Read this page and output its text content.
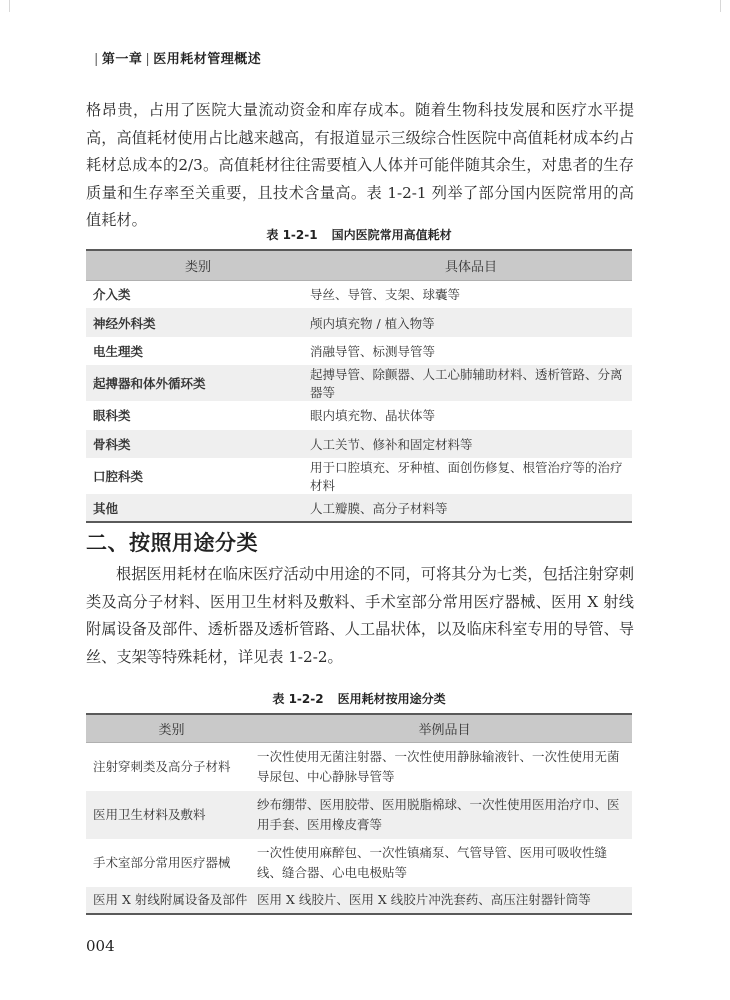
| 第一章 | 医用耗材管理概述

格昂贵，占用了医院大量流动资金和库存成本。随着生物科技发展和医疗水平提高，高值耗材使用占比越来越高，有报道显示三级综合性医院中高值耗材成本约占耗材总成本的2/3。高值耗材往往需要植入人体并可能伴随其余生，对患者的生存质量和生存率至关重要，且技术含量高。表 1-2-1 列举了部分国内医院常用的高值耗材。

表 1-2-1 国内医院常用高值耗材
类别	具体品目
介入类	导丝、导管、支架、球囊等
神经外科类	颅内填充物 / 植入物等
电生理类	消融导管、标测导管等
起搏器和体外循环类	起搏导管、除颤器、人工心肺辅助材料、透析管路、分离器等
眼科类	眼内填充物、晶状体等
骨科类	人工关节、修补和固定材料等
口腔科类	用于口腔填充、牙种植、面创伤修复、根管治疗等的治疗材料
其他	人工瓣膜、高分子材料等
二、按照用途分类

根据医用耗材在临床医疗活动中用途的不同，可将其分为七类，包括注射穿刺类及高分子材料、医用卫生材料及敷料、手术室部分常用医疗器械、医用 X 射线附属设备及部件、透析器及透析管路、人工晶状体，以及临床科室专用的导管、导丝、支架等特殊耗材，详见表 1-2-2。

表 1-2-2 医用耗材按用途分类
类别	举例品目
注射穿刺类及高分子材料	一次性使用无菌注射器、一次性使用静脉输液针、一次性使用无菌导尿包、中心静脉导管等
医用卫生材料及敷料	纱布绷带、医用胶带、医用脱脂棉球、一次性使用医用治疗巾、医用手套、医用橡皮膏等
手术室部分常用医疗器械	一次性使用麻醉包、一次性镇痛泵、气管导管、医用可吸收性缝线、缝合器、心电电极贴等
医用 X 射线附属设备及部件	医用 X 线胶片、医用 X 线胶片冲洗套药、高压注射器针筒等
004
